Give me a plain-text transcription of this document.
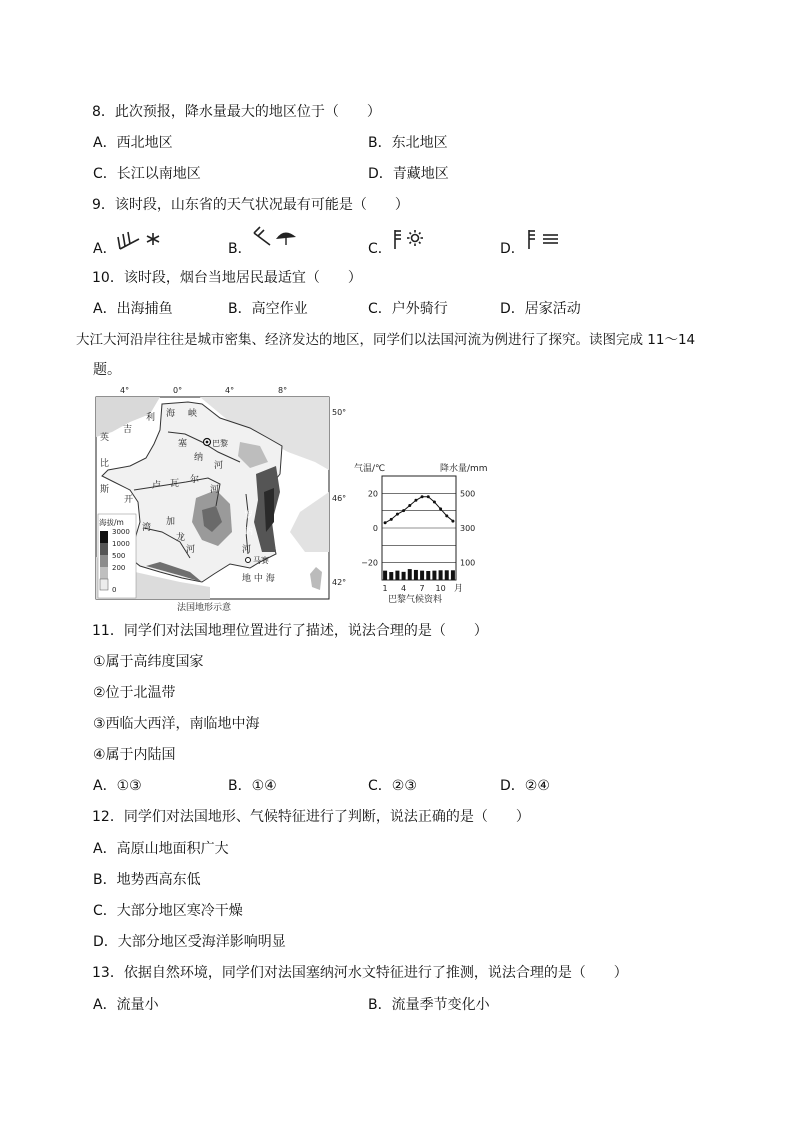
8．此次预报，降水量最大的地区位于（　　）
A．西北地区	B．东北地区
C．长江以南地区	D．青藏地区
9．该时段，山东省的天气状况最有可能是（　　）
A．	B．	C．	D．
10．该时段，烟台当地居民最适宜（　　）
A．出海捕鱼	B．高空作业	C．户外骑行	D．居家活动
大江大河沿岸往往是城市密集、经济发达的地区，同学们以法国河流为例进行了探究。读图完成 11～14
题。
4°	0°	4°	8°
利 海 峡
英
吉
比
斯
开
湾
塞
纳
河
巴黎
卢 瓦 尔
河
加
龙
河
罗
讷
河
马赛
地 中 海
50°
46°
42°
海拔/m
3000
1000
500
200
0
法国地形示意
气温/℃	降水量/mm
20
0
−20
500
300
100
1 4 7 10
巴黎气候资料
月
11．同学们对法国地理位置进行了描述，说法合理的是（　　）
①属于高纬度国家
②位于北温带
③西临大西洋，南临地中海
④属于内陆国
A．①③	B．①④	C．②③	D．②④
12．同学们对法国地形、气候特征进行了判断，说法正确的是（　　）
A．高原山地面积广大
B．地势西高东低
C．大部分地区寒冷干燥
D．大部分地区受海洋影响明显
13．依据自然环境，同学们对法国塞纳河水文特征进行了推测，说法合理的是（　　）
A．流量小	B．流量季节变化小
